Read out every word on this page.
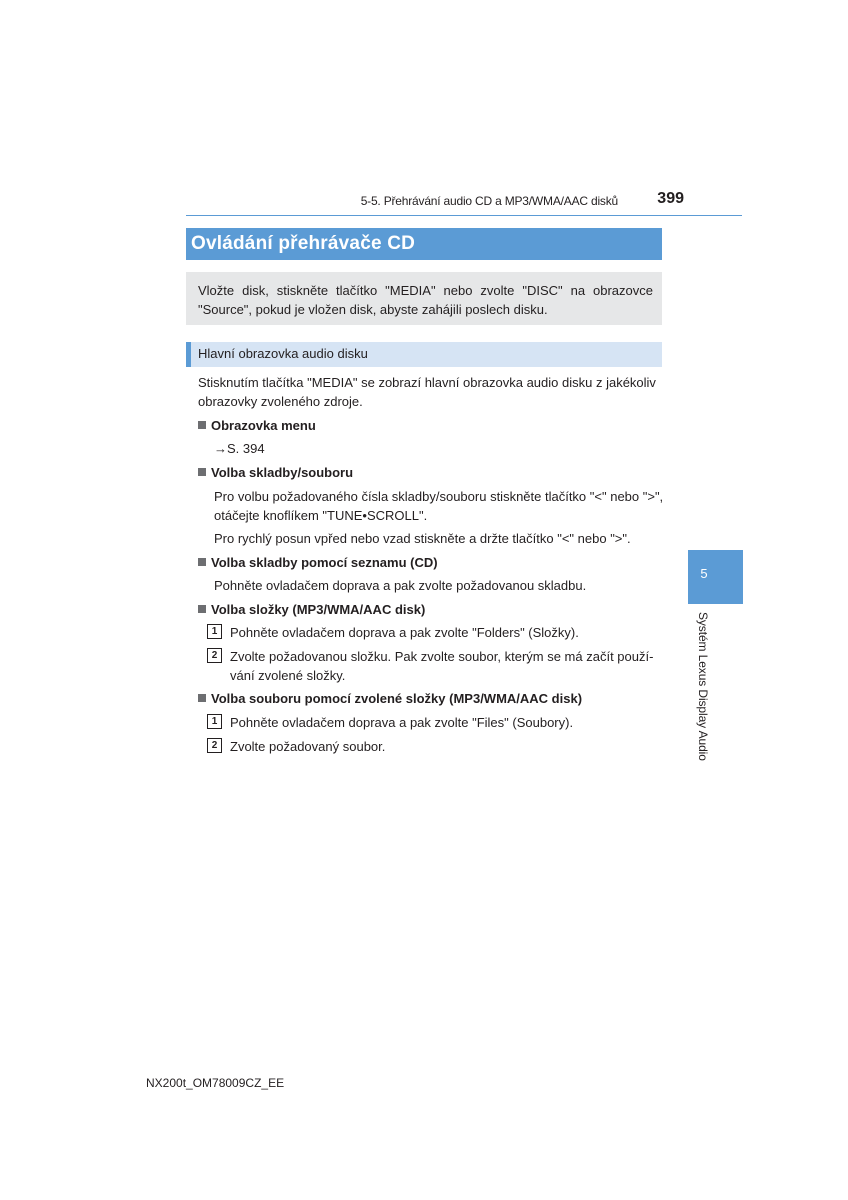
5-5. Přehrávání audio CD a MP3/WMA/AAC disků	399
Ovládání přehrávače CD
Vložte disk, stiskněte tlačítko "MEDIA" nebo zvolte "DISC" na obrazovce "Source", pokud je vložen disk, abyste zahájili poslech disku.
Hlavní obrazovka audio disku
Stisknutím tlačítka "MEDIA" se zobrazí hlavní obrazovka audio disku z jakékoliv
obrazovky zvoleného zdroje.
Obrazovka menu
→S. 394
Volba skladby/souboru
Pro volbu požadovaného čísla skladby/souboru stiskněte tlačítko "<" nebo ">",
otáčejte knoflíkem "TUNE•SCROLL".
Pro rychlý posun vpřed nebo vzad stiskněte a držte tlačítko "<" nebo ">".
Volba skladby pomocí seznamu (CD)
Pohněte ovladačem doprava a pak zvolte požadovanou skladbu.
Volba složky (MP3/WMA/AAC disk)
1 Pohněte ovladačem doprava a pak zvolte "Folders" (Složky).
2 Zvolte požadovanou složku. Pak zvolte soubor, kterým se má začít použí-
vání zvolené složky.
Volba souboru pomocí zvolené složky (MP3/WMA/AAC disk)
1 Pohněte ovladačem doprava a pak zvolte "Files" (Soubory).
2 Zvolte požadovaný soubor.
5
Systém Lexus Display Audio
NX200t_OM78009CZ_EE
